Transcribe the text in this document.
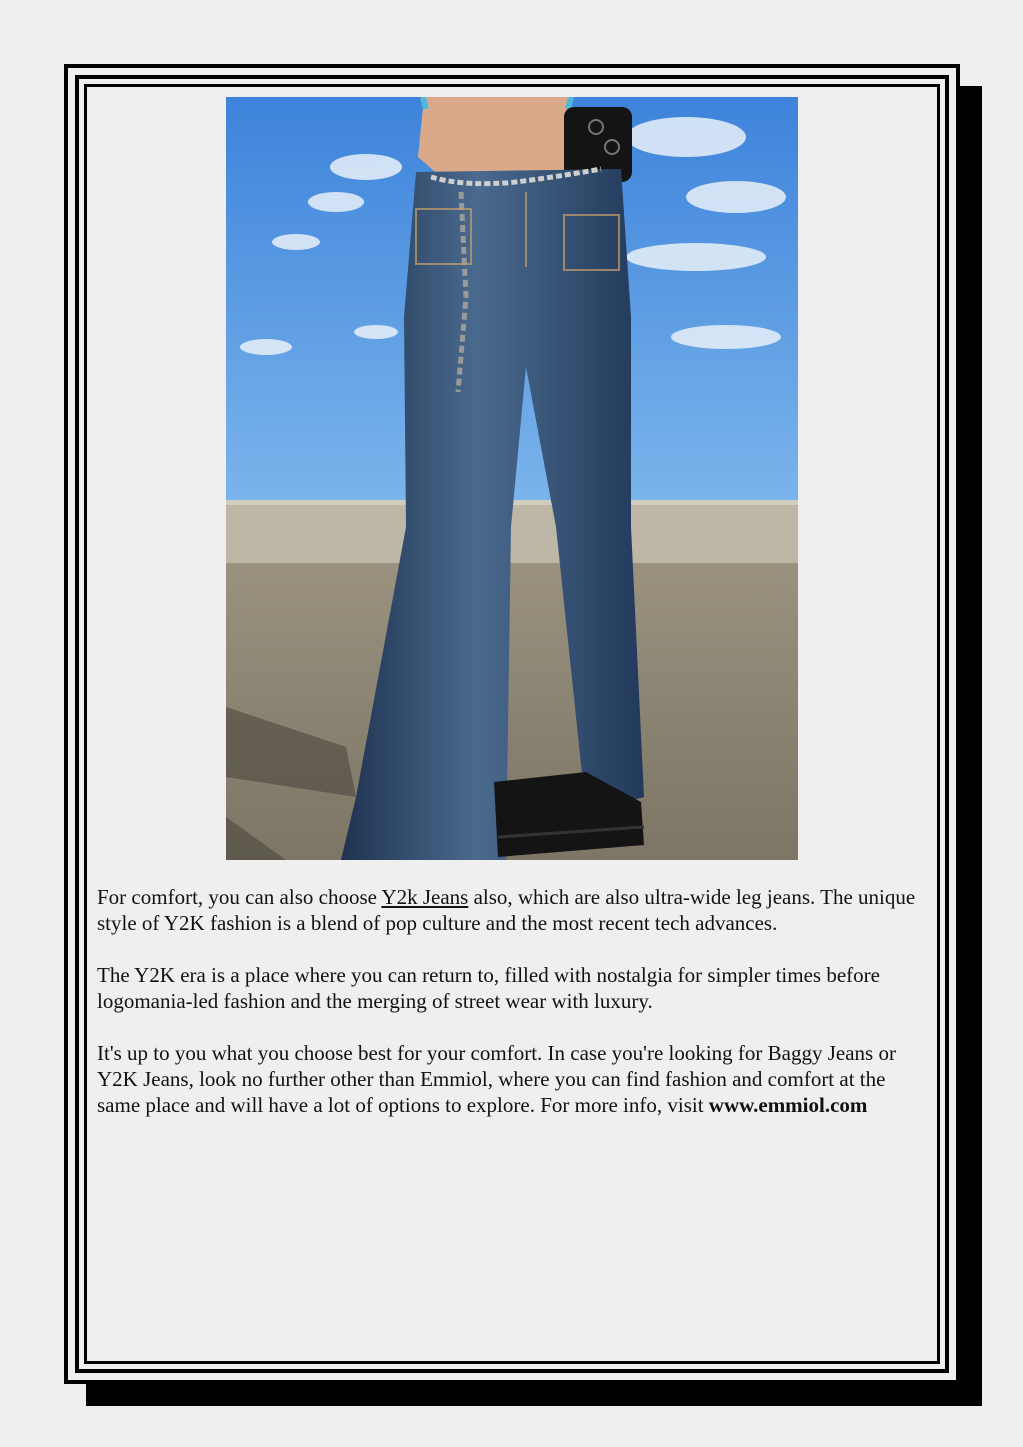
For comfort, you can also choose Y2k Jeans also, which are also ultra-wide leg jeans. The unique style of Y2K fashion is a blend of pop culture and the most recent tech advances.

The Y2K era is a place where you can return to, filled with nostalgia for simpler times before logomania-led fashion and the merging of street wear with luxury.

It's up to you what you choose best for your comfort. In case you're looking for Baggy Jeans or Y2K Jeans, look no further other than Emmiol, where you can find fashion and comfort at the same place and will have a lot of options to explore. For more info, visit www.emmiol.com
